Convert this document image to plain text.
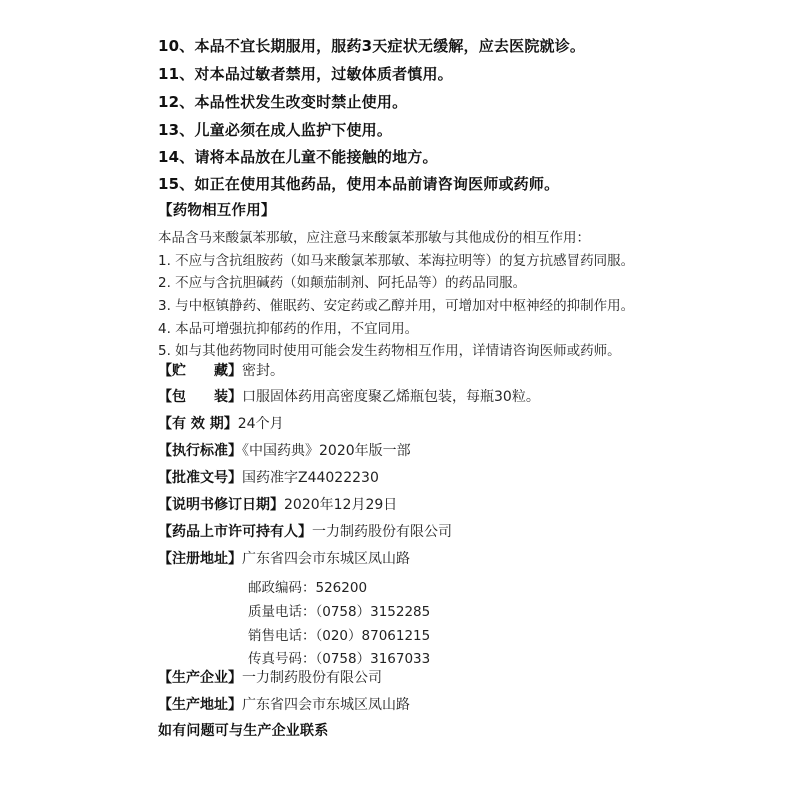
10、本品不宜长期服用，服药3天症状无缓解，应去医院就诊。
11、对本品过敏者禁用，过敏体质者慎用。
12、本品性状发生改变时禁止使用。
13、儿童必须在成人监护下使用。
14、请将本品放在儿童不能接触的地方。
15、如正在使用其他药品，使用本品前请咨询医师或药师。
【药物相互作用】
本品含马来酸氯苯那敏，应注意马来酸氯苯那敏与其他成份的相互作用：
1. 不应与含抗组胺药（如马来酸氯苯那敏、苯海拉明等）的复方抗感冒药同服。
2. 不应与含抗胆碱药（如颠茄制剂、阿托品等）的药品同服。
3. 与中枢镇静药、催眠药、安定药或乙醇并用，可增加对中枢神经的抑制作用。
4. 本品可增强抗抑郁药的作用，不宜同用。
5. 如与其他药物同时使用可能会发生药物相互作用，详情请咨询医师或药师。
【贮　　藏】密封。
【包　　装】口服固体药用高密度聚乙烯瓶包装，每瓶30粒。
【有 效 期】24个月
【执行标准】《中国药典》2020年版一部
【批准文号】国药准字Z44022230
【说明书修订日期】2020年12月29日
【药品上市许可持有人】一力制药股份有限公司
【注册地址】广东省四会市东城区凤山路
邮政编码：526200
质量电话：（0758）3152285
销售电话：（020）87061215
传真号码：（0758）3167033
【生产企业】一力制药股份有限公司
【生产地址】广东省四会市东城区凤山路
如有问题可与生产企业联系
